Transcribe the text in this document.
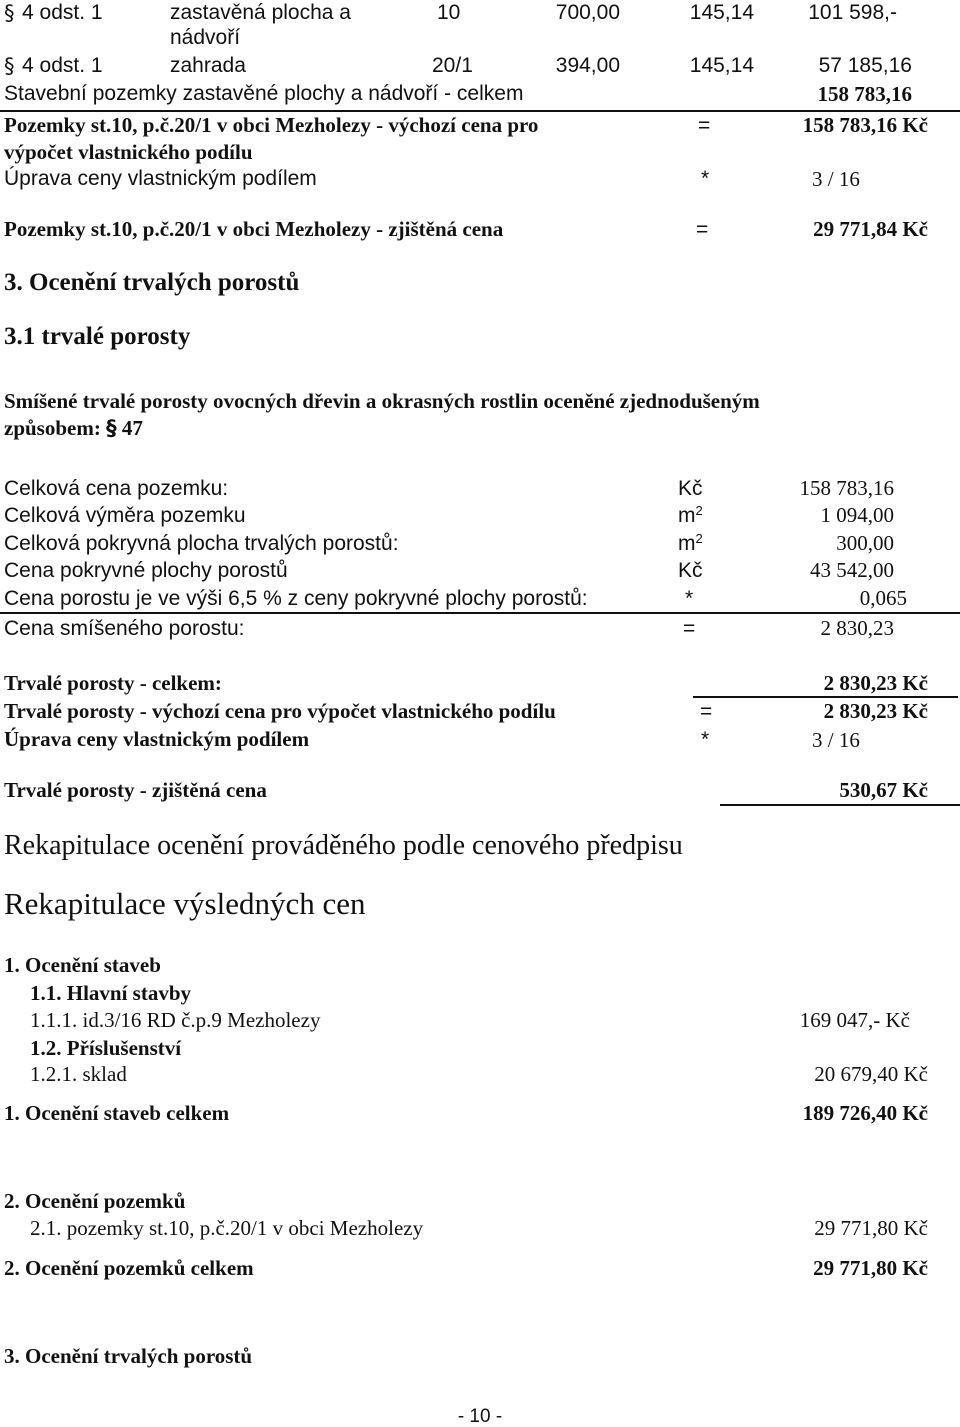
§ 4 odst. 1	zastavěná plocha a
nádvoří
10	700,00	145,14	101 598,-
§ 4 odst. 1	zahrada	20/1	394,00	145,14	57 185,16
Stavební pozemky zastavěné plochy a nádvoří - celkem	158 783,16
Pozemky st.10, p.č.20/1 v obci Mezholezy - výchozí cena pro
výpočet vlastnického podílu
=	158 783,16 Kč
Úprava ceny vlastnickým podílem	*	3 / 16
Pozemky st.10, p.č.20/1 v obci Mezholezy - zjištěná cena	=	29 771,84 Kč
3. Ocenění trvalých porostů
3.1 trvalé porosty
Smíšené trvalé porosty ovocných dřevin a okrasných rostlin oceněné zjednodušeným
způsobem: § 47
Celková cena pozemku:	Kč	158 783,16
Celková výměra pozemku	$m^2$	1 094,00
Celková pokryvná plocha trvalých porostů:	$m^2$	300,00
Cena pokryvné plochy porostů	Kč	43 542,00
Cena porostu je ve výši 6,5 % z ceny pokryvné plochy porostů:	*	0,065
Cena smíšeného porostu:	=	2 830,23
Trvalé porosty - celkem:	2 830,23 Kč
Trvalé porosty - výchozí cena pro výpočet vlastnického podílu	=	2 830,23 Kč
Úprava ceny vlastnickým podílem	*	3 / 16
Trvalé porosty - zjištěná cena	530,67 Kč
Rekapitulace ocenění prováděného podle cenového předpisu
Rekapitulace výsledných cen
1. Ocenění staveb
1.1. Hlavní stavby
1.1.1. id.3/16 RD č.p.9 Mezholezy	169 047,- Kč
1.2. Příslušenství
1.2.1. sklad	20 679,40 Kč
1. Ocenění staveb celkem	189 726,40 Kč
2. Ocenění pozemků
2.1. pozemky st.10, p.č.20/1 v obci Mezholezy	29 771,80 Kč
2. Ocenění pozemků celkem	29 771,80 Kč
3. Ocenění trvalých porostů
- 10 -
